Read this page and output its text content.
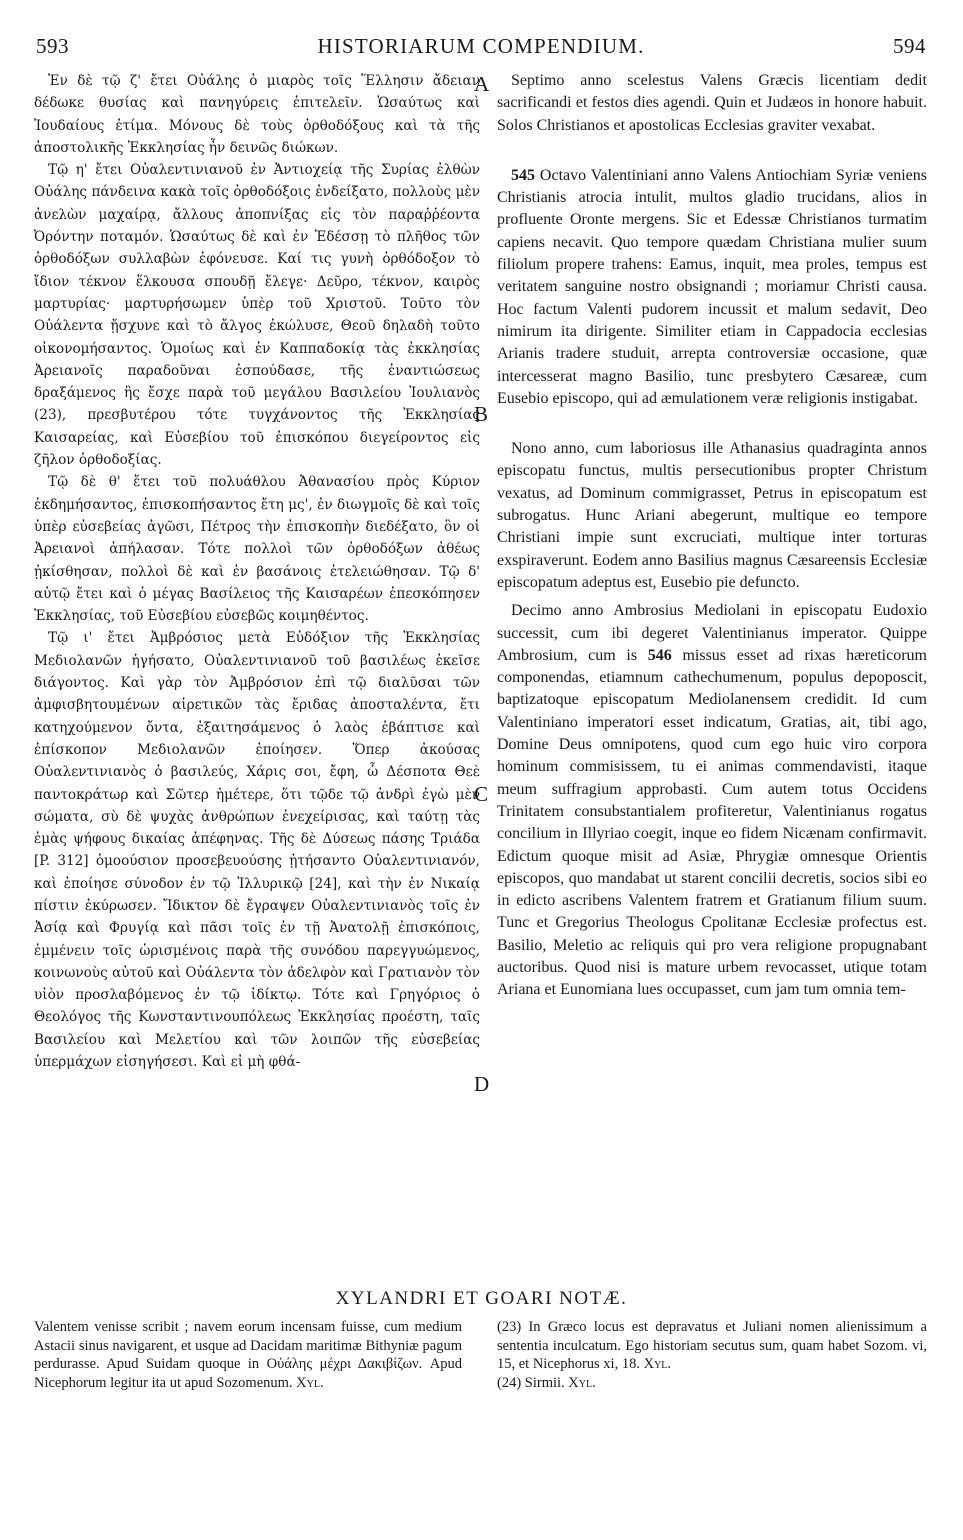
593	HISTORIARUM COMPENDIUM.	594

Ἐν δὲ τῷ ζ' ἔτει Οὐάλης ὁ μιαρὸς τοῖς Ἕλλησιν ἄδειαν δέδωκε θυσίας καὶ πανηγύρεις ἐπιτελεῖν. Ὡσαύτως καὶ Ἰουδαίους ἐτίμα. Μόνους δὲ τοὺς ὀρθοδόξους καὶ τὰ τῆς ἀποστολικῆς Ἐκκλησίας ἦν δεινῶς διώκων.

Τῷ η' ἔτει Οὐαλεντινιανοῦ ἐν Ἀντιοχείᾳ τῆς Συρίας ἐλθὼν Οὐάλης πάνδεινα κακὰ τοῖς ὀρθοδόξοις ἐνδείξατο, πολλοὺς μὲν ἀνελὼν μαχαίρᾳ, ἄλλους ἀποπνίξας εἰς τὸν παραῤῥέοντα Ὀρόντην ποταμόν. Ὡσαύτως δὲ καὶ ἐν Ἐδέσσῃ τὸ πλῆθος τῶν ὀρθοδόξων συλλαβὼν ἐφόνευσε. Καί τις γυνὴ ὀρθόδοξον τὸ ἴδιον τέκνον ἕλκουσα σπουδῇ ἔλεγε· Δεῦρο, τέκνον, καιρὸς μαρτυρίας· μαρτυρήσωμεν ὑπὲρ τοῦ Χριστοῦ. Τοῦτο τὸν Οὐάλεντα ᾔσχυνε καὶ τὸ ἄλγος ἐκώλυσε, Θεοῦ δηλαδὴ τοῦτο οἰκονομήσαντος. Ὁμοίως καὶ ἐν Καππαδοκίᾳ τὰς ἐκκλησίας Ἀρειανοῖς παραδοῦναι ἐσπούδασε, τῆς ἐναντιώσεως δραξάμενος ἣς ἔσχε παρὰ τοῦ μεγάλου Βασιλείου Ἰουλιανὸς (23), πρεσβυτέρου τότε τυγχάνοντος τῆς Ἐκκλησίας Καισαρείας, καὶ Εὐσεβίου τοῦ ἐπισκόπου διεγείροντος εἰς ζῆλον ὀρθοδοξίας.

Τῷ δὲ θ' ἔτει τοῦ πολυάθλου Ἀθανασίου πρὸς Κύριον ἐκδημήσαντος, ἐπισκοπήσαντος ἔτη μς', ἐν διωγμοῖς δὲ καὶ τοῖς ὑπὲρ εὐσεβείας ἀγῶσι, Πέτρος τὴν ἐπισκοπὴν διεδέξατο, ὃν οἱ Ἀρειανοὶ ἀπήλασαν. Τότε πολλοὶ τῶν ὀρθοδόξων ἀθέως ᾐκίσθησαν, πολλοὶ δὲ καὶ ἐν βασάνοις ἐτελειώθησαν. Τῷ δ' αὐτῷ ἔτει καὶ ὁ μέγας Βασίλειος τῆς Καισαρέων ἐπεσκόπησεν Ἐκκλησίας, τοῦ Εὐσεβίου εὐσεβῶς κοιμηθέντος.

Τῷ ι' ἔτει Ἀμβρόσιος μετὰ Εὐδόξιον τῆς Ἐκκλησίας Μεδιολανῶν ἡγήσατο, Οὐαλεντινιανοῦ τοῦ βασιλέως ἐκεῖσε διάγοντος. Καὶ γὰρ τὸν Ἀμβρόσιον ἐπὶ τῷ διαλῦσαι τῶν ἀμφισβητουμένων αἱρετικῶν τὰς ἔριδας ἀποσταλέντα, ἔτι κατηχούμενον ὄντα, ἐξαιτησάμενος ὁ λαὸς ἐβάπτισε καὶ ἐπίσκοπον Μεδιολανῶν ἐποίησεν. Ὅπερ ἀκούσας Οὐαλεντινιανὸς ὁ βασιλεύς, Χάρις σοι, ἔφη, ὦ Δέσποτα Θεὲ παντοκράτωρ καὶ Σῶτερ ἡμέτερε, ὅτι τῷδε τῷ ἀνδρὶ ἐγὼ μὲν σώματα, σὺ δὲ ψυχὰς ἀνθρώπων ἐνεχείρισας, καὶ ταύτῃ τὰς ἐμὰς ψήφους δικαίας ἀπέφηνας. Τῆς δὲ Δύσεως πάσης Τριάδα [P. 312] ὁμοούσιον προσεβευούσης ᾐτήσαντο Οὐαλεντινιανόν, καὶ ἐποίησε σύνοδον ἐν τῷ Ἰλλυρικῷ [24], καὶ τὴν ἐν Νικαίᾳ πίστιν ἐκύρωσεν. Ἴδικτον δὲ ἔγραψεν Οὐαλεντινιανὸς τοῖς ἐν Ἀσίᾳ καὶ Φρυγίᾳ καὶ πᾶσι τοῖς ἐν τῇ Ἀνατολῇ ἐπισκόποις, ἐμμένειν τοῖς ὡρισμένοις παρὰ τῆς συνόδου παρεγγυώμενος, κοινωνοὺς αὐτοῦ καὶ Οὐάλεντα τὸν ἀδελφὸν καὶ Γρατιανὸν τὸν υἱὸν προσλαβόμενος ἐν τῷ ἰδίκτῳ. Τότε καὶ Γρηγόριος ὁ Θεολόγος τῆς Κωνσταντινουπόλεως Ἐκκλησίας προέστη, ταῖς Βασιλείου καὶ Μελετίου καὶ τῶν λοιπῶν τῆς εὐσεβείας ὑπερμάχων εἰσηγήσεσι. Καὶ εἰ μὴ φθά-

A
B
C
D

Septimo anno scelestus Valens Græcis licentiam dedit sacrificandi et festos dies agendi. Quin et Judæos in honore habuit. Solos Christianos et apostolicas Ecclesias graviter vexabat.

545 Octavo Valentiniani anno Valens Antiochiam Syriæ veniens Christianis atrocia intulit, multos gladio trucidans, alios in profluente Oronte mergens. Sic et Edessæ Christianos turmatim capiens necavit. Quo tempore quædam Christiana mulier suum filiolum propere trahens: Eamus, inquit, mea proles, tempus est veritatem sanguine nostro obsignandi ; moriamur Christi causa. Hoc factum Valenti pudorem incussit et malum sedavit, Deo nimirum ita dirigente. Similiter etiam in Cappadocia ecclesias Arianis tradere studuit, arrepta controversiæ occasione, quæ intercesserat magno Basilio, tunc presbytero Cæsareæ, cum Eusebio episcopo, qui ad æmulationem veræ religionis instigabat.

Nono anno, cum laboriosus ille Athanasius quadraginta annos episcopatu functus, multis persecutionibus propter Christum vexatus, ad Dominum commigrasset, Petrus in episcopatum est subrogatus. Hunc Ariani abegerunt, multique eo tempore Christiani impie sunt excruciati, multique inter torturas exspiraverunt. Eodem anno Basilius magnus Cæsareensis Ecclesiæ episcopatum adeptus est, Eusebio pie defuncto.

Decimo anno Ambrosius Mediolani in episcopatu Eudoxio successit, cum ibi degeret Valentinianus imperator. Quippe Ambrosium, cum is 546 missus esset ad rixas hæreticorum componendas, etiamnum cathechumenum, populus depoposcit, baptizatoque episcopatum Mediolanensem credidit. Id cum Valentiniano imperatori esset indicatum, Gratias, ait, tibi ago, Domine Deus omnipotens, quod cum ego huic viro corpora hominum commisissem, tu ei animas commendavisti, itaque meum suffragium approbasti. Cum autem totus Occidens Trinitatem consubstantialem profiteretur, Valentinianus rogatus concilium in Illyriao coegit, inque eo fidem Nicænam confirmavit. Edictum quoque misit ad Asiæ, Phrygiæ omnesque Orientis episcopos, quo mandabat ut starent concilii decretis, socios sibi eo in edicto ascribens Valentem fratrem et Gratianum filium suum. Tunc et Gregorius Theologus Cpolitanæ Ecclesiæ profectus est. Basilio, Meletio ac reliquis qui pro vera religione propugnabant auctoribus. Quod nisi is mature urbem revocasset, utique totam Ariana et Eunomiana lues occupasset, cum jam tum omnia tem-

XYLANDRI ET GOARI NOTÆ.

Valentem venisse scribit ; navem eorum incensam fuisse, cum medium Astacii sinus navigarent, et usque ad Dacidam maritimæ Bithyniæ pagum perdurasse. Apud Suidam quoque in Οὐάλης μέχρι Δακιβίζων. Apud Nicephorum legitur ita ut apud Sozomenum. Xyl.

(23) In Græco locus est depravatus et Juliani nomen alienissimum a sententia inculcatum. Ego historiam secutus sum, quam habet Sozom. vi, 15, et Nicephorus xi, 18. Xyl.

(24) Sirmii. Xyl.
